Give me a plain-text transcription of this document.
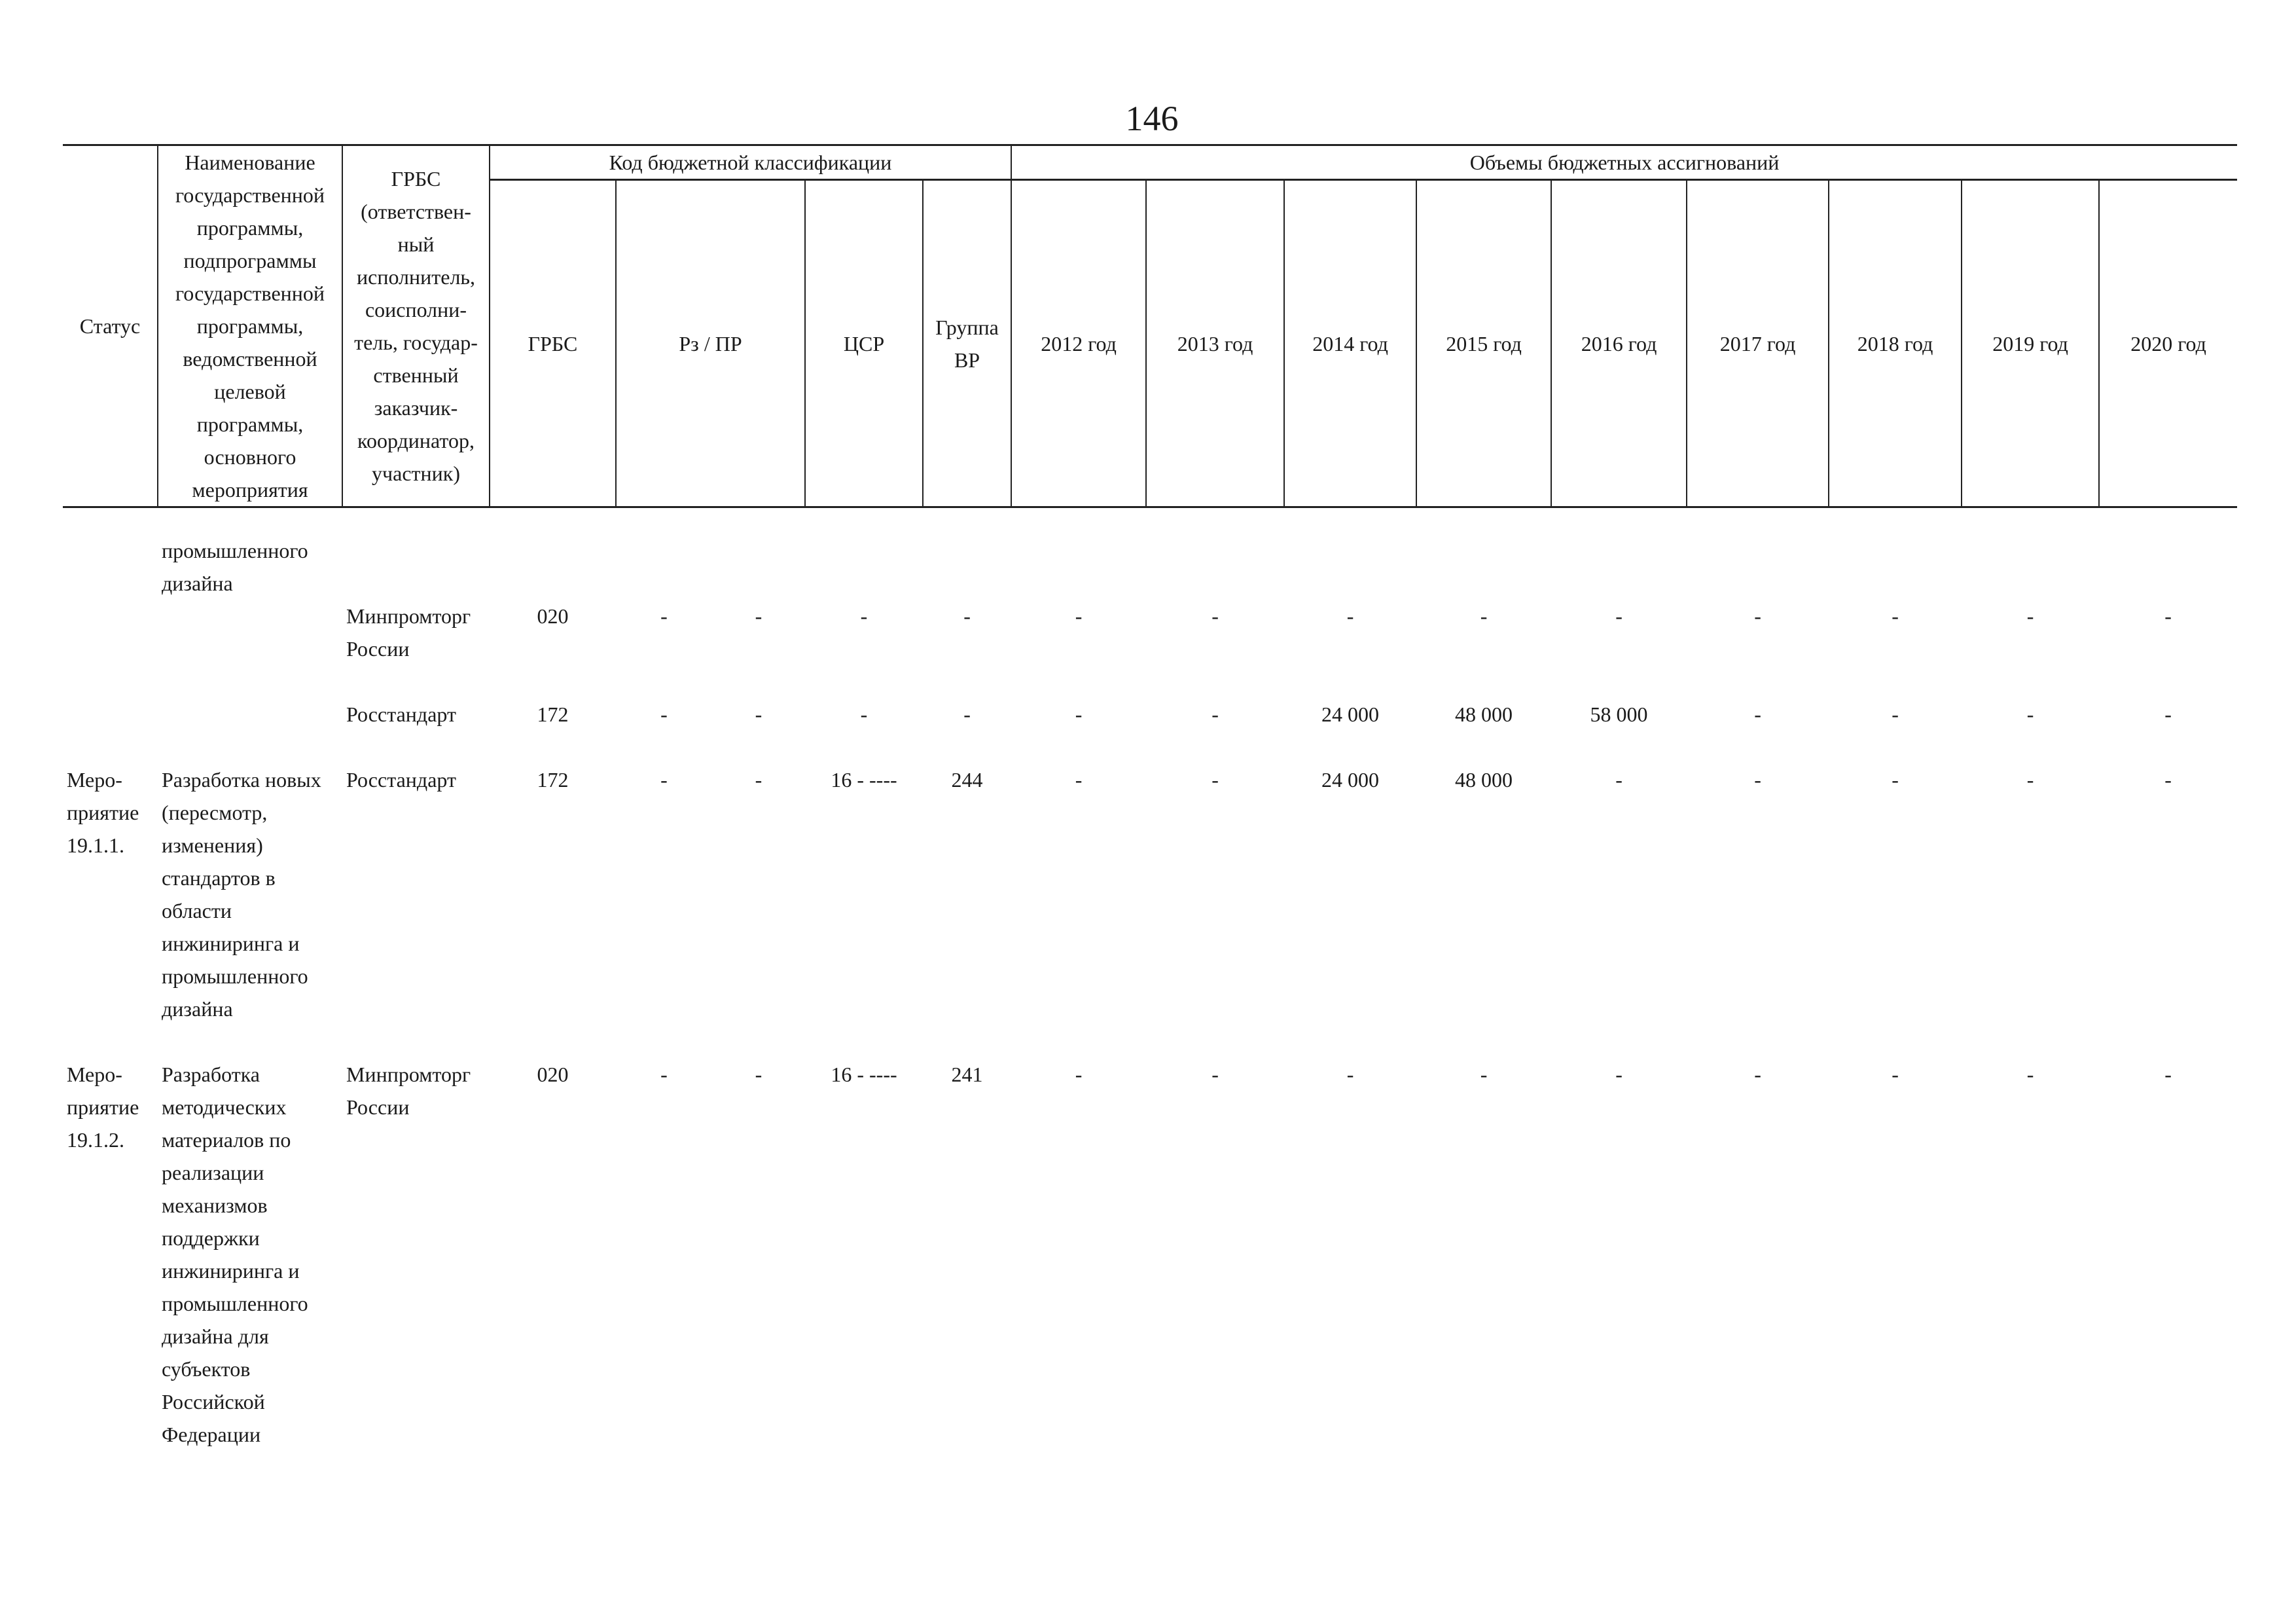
146
Статус	Наименование государственной программы, подпрограммы государственной программы, ведомственной целевой программы, основного мероприятия	ГРБС (ответствен-ный исполнитель, соисполни-тель, государ-ственный заказчик-координатор, участник)	Код бюджетной классификации					Объемы бюджетных ассигнований								
			ГРБС	Рз / ПР		ЦСР	Группа ВР	2012 год	2013 год	2014 год	2015 год	2016 год	2017 год	2018 год	2019 год	2020 год

	промышленного дизайна															
		Минпромторг России	020	-	-	-	-	-	-	-	-	-	-	-	-	-

		Росстандарт	172	-	-	-	-	-	-	24 000	48 000	58 000	-	-	-	-

Меро-приятие 19.1.1.	Разработка новых (пересмотр, изменения) стандартов в области инжиниринга и промышленного дизайна	Росстандарт	172	-	-	16 - ----	244	-	-	24 000	48 000	-	-	-	-	-

Меро-приятие 19.1.2.	Разработка методических материалов по реализации механизмов поддержки инжиниринга и промышленного дизайна для субъектов Российской Федерации	Минпромторг России	020	-	-	16 - ----	241	-	-	-	-	-	-	-	-	-
